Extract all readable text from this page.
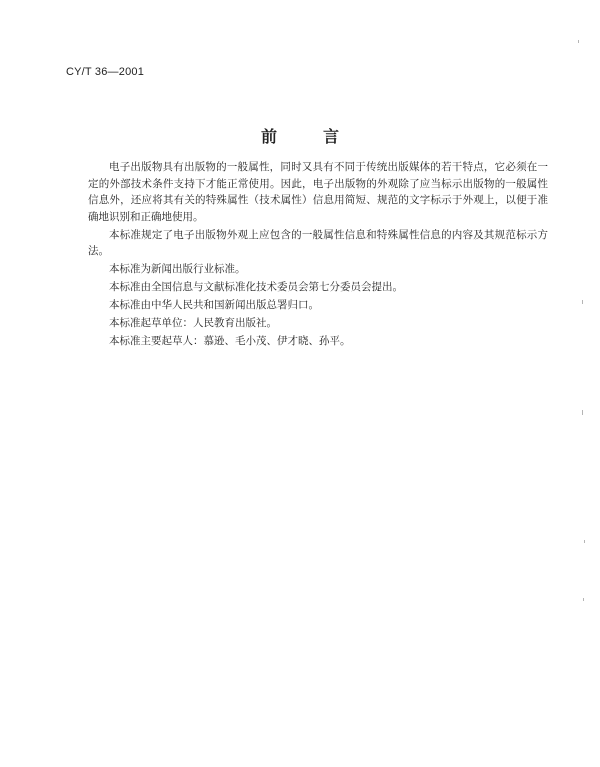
CY/T 36—2001
前言

电子出版物具有出版物的一般属性，同时又具有不同于传统出版媒体的若干特点，它必须在一定的外部技术条件支持下才能正常使用。因此，电子出版物的外观除了应当标示出版物的一般属性信息外，还应将其有关的特殊属性（技术属性）信息用简短、规范的文字标示于外观上，以便于准确地识别和正确地使用。

本标准规定了电子出版物外观上应包含的一般属性信息和特殊属性信息的内容及其规范标示方法。

本标准为新闻出版行业标准。

本标准由全国信息与文献标准化技术委员会第七分委员会提出。

本标准由中华人民共和国新闻出版总署归口。

本标准起草单位：人民教育出版社。

本标准主要起草人：慕逊、毛小茂、伊才晓、孙平。
